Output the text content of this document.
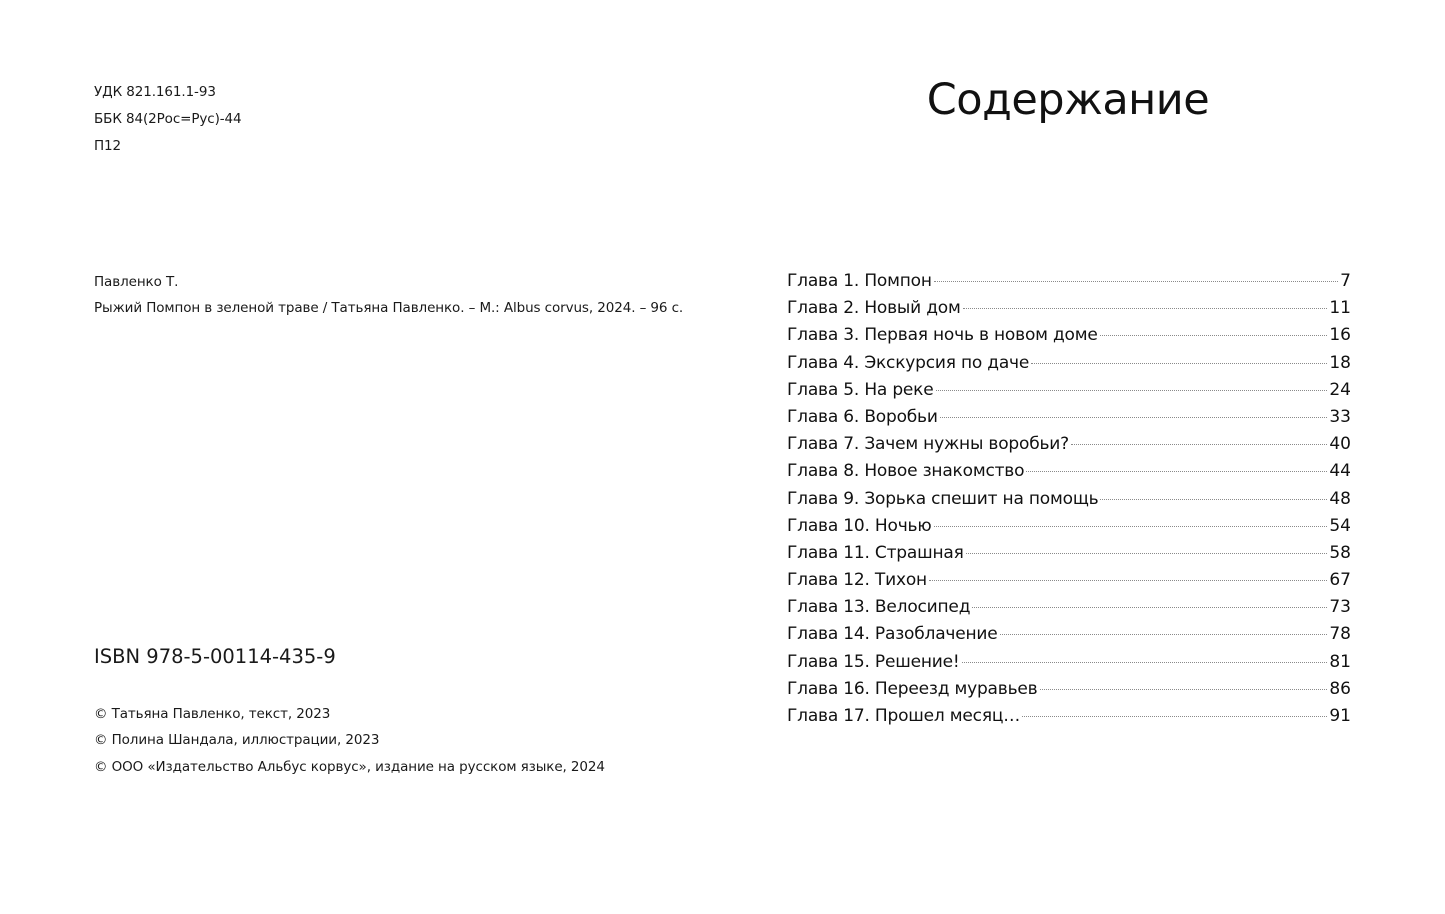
УДК 821.161.1-93
ББК 84(2Рос=Рус)-44
П12
Павленко Т.
Рыжий Помпон в зеленой траве / Татьяна Павленко. – М.: Albus corvus, 2024. – 96 с.
ISBN 978-5-00114-435-9
© Татьяна Павленко, текст, 2023
© Полина Шандала, иллюстрации, 2023
© ООО «Издательство Альбус корвус», издание на русском языке, 2024
Содержание
Глава 1. Помпон	7
Глава 2. Новый дом	11
Глава 3. Первая ночь в новом доме	16
Глава 4. Экскурсия по даче	18
Глава 5. На реке	24
Глава 6. Воробьи	33
Глава 7. Зачем нужны воробьи?	40
Глава 8. Новое знакомство	44
Глава 9. Зорька спешит на помощь	48
Глава 10. Ночью	54
Глава 11. Страшная	58
Глава 12. Тихон	67
Глава 13. Велосипед	73
Глава 14. Разоблачение	78
Глава 15. Решение!	81
Глава 16. Переезд муравьев	86
Глава 17. Прошел месяц…	91
